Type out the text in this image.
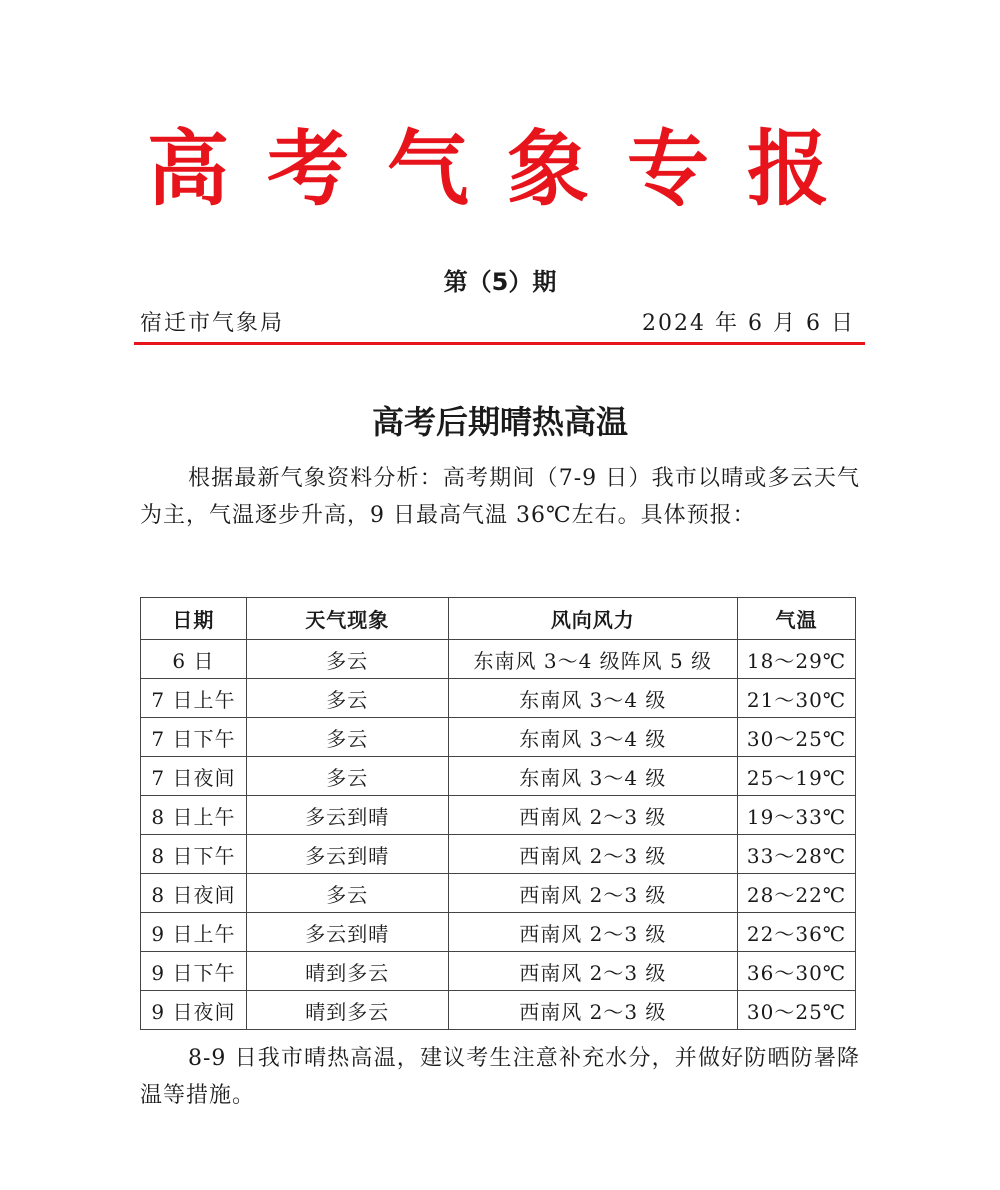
高考气象专报
第（5）期
宿迁市气象局	2024 年 6 月 6 日
高考后期晴热高温
根据最新气象资料分析：高考期间（7-9 日）我市以晴或多云天气为主，气温逐步升高，9 日最高气温 36℃左右。具体预报：
日期	天气现象	风向风力	气温
6 日	多云	东南风 3～4 级阵风 5 级	18～29℃
7 日上午	多云	东南风 3～4 级	21～30℃
7 日下午	多云	东南风 3～4 级	30～25℃
7 日夜间	多云	东南风 3～4 级	25～19℃
8 日上午	多云到晴	西南风 2～3 级	19～33℃
8 日下午	多云到晴	西南风 2～3 级	33～28℃
8 日夜间	多云	西南风 2～3 级	28～22℃
9 日上午	多云到晴	西南风 2～3 级	22～36℃
9 日下午	晴到多云	西南风 2～3 级	36～30℃
9 日夜间	晴到多云	西南风 2～3 级	30～25℃
8-9 日我市晴热高温，建议考生注意补充水分，并做好防晒防暑降温等措施。
